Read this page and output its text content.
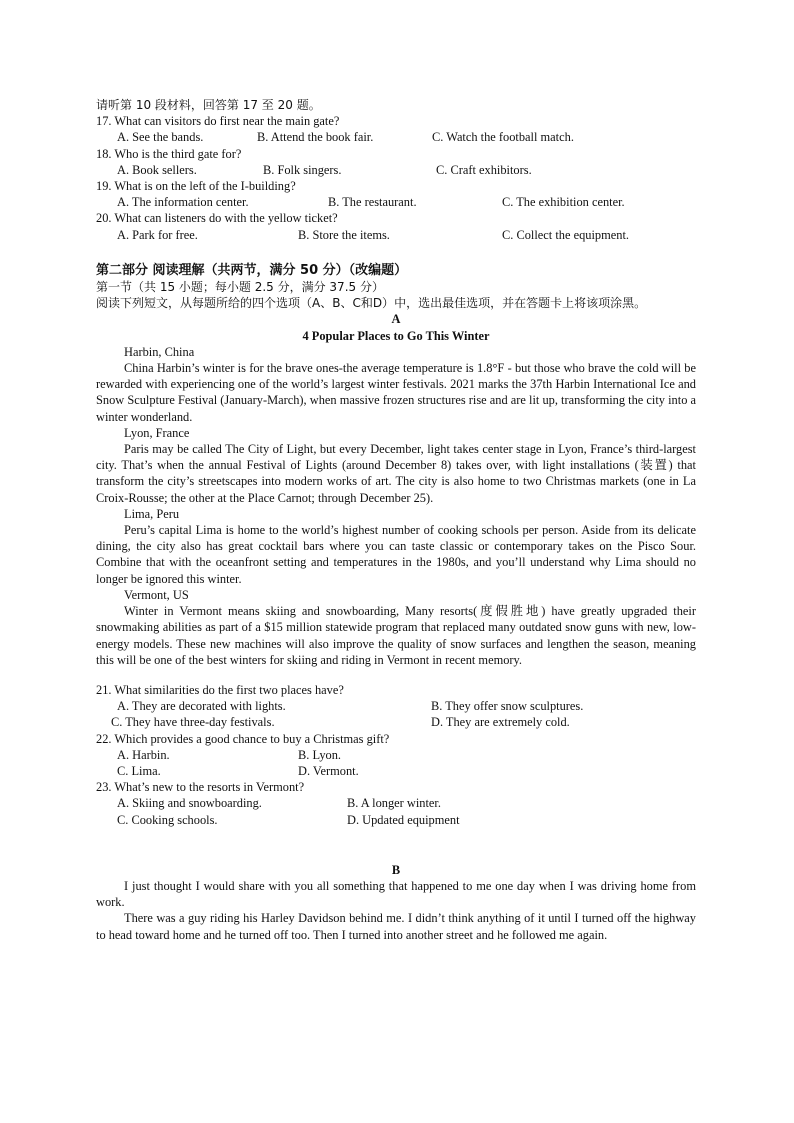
请听第 10 段材料，回答第 17 至 20 题。
17. What can visitors do first near the main gate?
A. See the bands.	B. Attend the book fair.	C. Watch the football match.
18. Who is the third gate for?
A. Book sellers.	B. Folk singers.	C. Craft exhibitors.
19. What is on the left of the I-building?
A. The information center.	B. The restaurant.	C. The exhibition center.
20. What can listeners do with the yellow ticket?
A. Park for free.	B. Store the items.	C. Collect the equipment.
第二部分 阅读理解（共两节，满分 50 分）（改编题）
第一节（共 15 小题；每小题 2.5 分，满分 37.5 分）
阅读下列短文，从每题所给的四个选项（A、B、C和D）中，选出最佳选项，并在答题卡上将该项涂黑。
A
4 Popular Places to Go This Winter
Harbin, China
China Harbin’s winter is for the brave ones-the average temperature is 1.8°F - but those who brave the cold will be rewarded with experiencing one of the world’s largest winter festivals. 2021 marks the 37th Harbin International Ice and Snow Sculpture Festival (January-March), when massive frozen structures rise and are lit up, transforming the city into a winter wonderland.
Lyon, France
Paris may be called The City of Light, but every December, light takes center stage in Lyon, France’s third-largest city. That’s when the annual Festival of Lights (around December 8) takes over, with light installations (装置) that transform the city’s streetscapes into modern works of art. The city is also home to two Christmas markets (one in La Croix-Rousse; the other at the Place Carnot; through December 25).
Lima, Peru
Peru’s capital Lima is home to the world’s highest number of cooking schools per person. Aside from its delicate dining, the city also has great cocktail bars where you can taste classic or contemporary takes on the Pisco Sour. Combine that with the oceanfront setting and temperatures in the 1980s, and you’ll understand why Lima should no longer be ignored this winter.
Vermont, US
Winter in Vermont means skiing and snowboarding, Many resorts(度假胜地) have greatly upgraded their snowmaking abilities as part of a $15 million statewide program that replaced many outdated snow guns with new, low-energy models. These new machines will also improve the quality of snow surfaces and lengthen the season, meaning this will be one of the best winters for skiing and riding in Vermont in recent memory.
21. What similarities do the first two places have?
A. They are decorated with lights.	B. They offer snow sculptures.
C. They have three-day festivals.	D. They are extremely cold.
22. Which provides a good chance to buy a Christmas gift?
A. Harbin.	B. Lyon.
C. Lima.	D. Vermont.
23. What’s new to the resorts in Vermont?
A. Skiing and snowboarding.	B. A longer winter.
C. Cooking schools.	D. Updated equipment
B
I just thought I would share with you all something that happened to me one day when I was driving home from work.
There was a guy riding his Harley Davidson behind me. I didn’t think anything of it until I turned off the highway to head toward home and he turned off too. Then I turned into another street and he followed me again.
